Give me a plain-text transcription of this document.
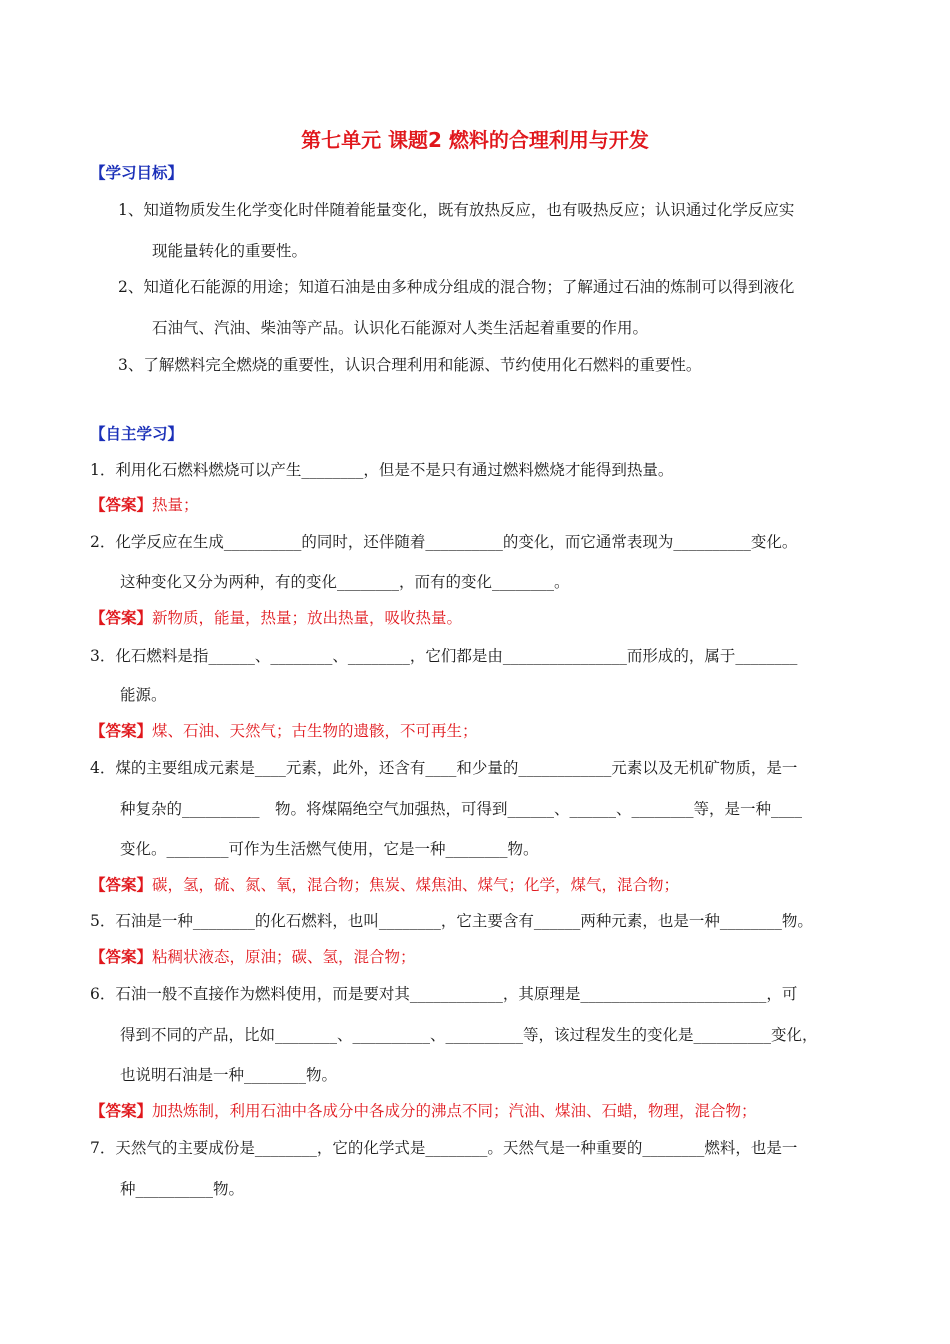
第七单元 课题2 燃料的合理利用与开发
【学习目标】
1、知道物质发生化学变化时伴随着能量变化，既有放热反应，也有吸热反应；认识通过化学反应实
现能量转化的重要性。
2、知道化石能源的用途；知道石油是由多种成分组成的混合物；了解通过石油的炼制可以得到液化
石油气、汽油、柴油等产品。认识化石能源对人类生活起着重要的作用。
3、了解燃料完全燃烧的重要性，认识合理利用和能源、节约使用化石燃料的重要性。
【自主学习】
1．利用化石燃料燃烧可以产生________，但是不是只有通过燃料燃烧才能得到热量。
【答案】热量；
2．化学反应在生成__________的同时，还伴随着__________的变化，而它通常表现为__________变化。
这种变化又分为两种，有的变化________，而有的变化________。
【答案】新物质，能量，热量；放出热量，吸收热量。
3．化石燃料是指______、________、________，它们都是由________________而形成的，属于________
能源。
【答案】煤、石油、天然气；古生物的遗骸，不可再生；
4．煤的主要组成元素是____元素，此外，还含有____和少量的____________元素以及无机矿物质，是一
种复杂的__________　物。将煤隔绝空气加强热，可得到______、______、________等，是一种____
变化。________可作为生活燃气使用，它是一种________物。
【答案】碳，氢，硫、氮、氧，混合物；焦炭、煤焦油、煤气；化学，煤气，混合物；
5．石油是一种________的化石燃料，也叫________，它主要含有______两种元素，也是一种________物。
【答案】粘稠状液态，原油；碳、氢，混合物；
6．石油一般不直接作为燃料使用，而是要对其____________，其原理是________________________，可
得到不同的产品，比如________、__________、__________等，该过程发生的变化是__________变化，
也说明石油是一种________物。
【答案】加热炼制，利用石油中各成分中各成分的沸点不同；汽油、煤油、石蜡，物理，混合物；
7．天然气的主要成份是________，它的化学式是________。天然气是一种重要的________燃料，也是一
种__________物。
